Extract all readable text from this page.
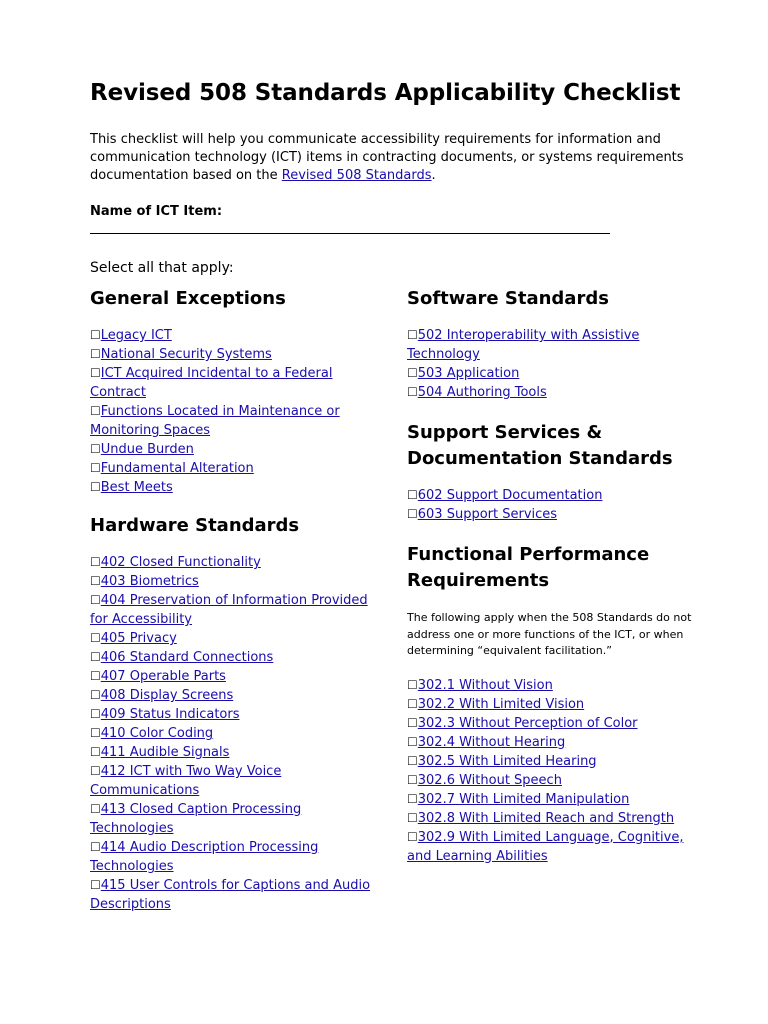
Revised 508 Standards Applicability Checklist

This checklist will help you communicate accessibility requirements for information and communication technology (ICT) items in contracting documents, or systems requirements documentation based on the Revised 508 Standards.

Name of ICT Item:
Select all that apply:
General Exceptions
☐Legacy ICT
☐National Security Systems
☐ICT Acquired Incidental to a Federal Contract
☐Functions Located in Maintenance or Monitoring Spaces
☐Undue Burden
☐Fundamental Alteration
☐Best Meets
Hardware Standards
☐402 Closed Functionality
☐403 Biometrics
☐404 Preservation of Information Provided for Accessibility
☐405 Privacy
☐406 Standard Connections
☐407 Operable Parts
☐408 Display Screens
☐409 Status Indicators
☐410 Color Coding
☐411 Audible Signals
☐412 ICT with Two Way Voice Communications
☐413 Closed Caption Processing Technologies
☐414 Audio Description Processing Technologies
☐415 User Controls for Captions and Audio Descriptions
Software Standards
☐502 Interoperability with Assistive Technology
☐503 Application
☐504 Authoring Tools
Support Services & Documentation Standards
☐602 Support Documentation
☐603 Support Services
Functional Performance Requirements

The following apply when the 508 Standards do not address one or more functions of the ICT, or when determining “equivalent facilitation.”

☐302.1 Without Vision
☐302.2 With Limited Vision
☐302.3 Without Perception of Color
☐302.4 Without Hearing
☐302.5 With Limited Hearing
☐302.6 Without Speech
☐302.7 With Limited Manipulation
☐302.8 With Limited Reach and Strength
☐302.9 With Limited Language, Cognitive, and Learning Abilities
